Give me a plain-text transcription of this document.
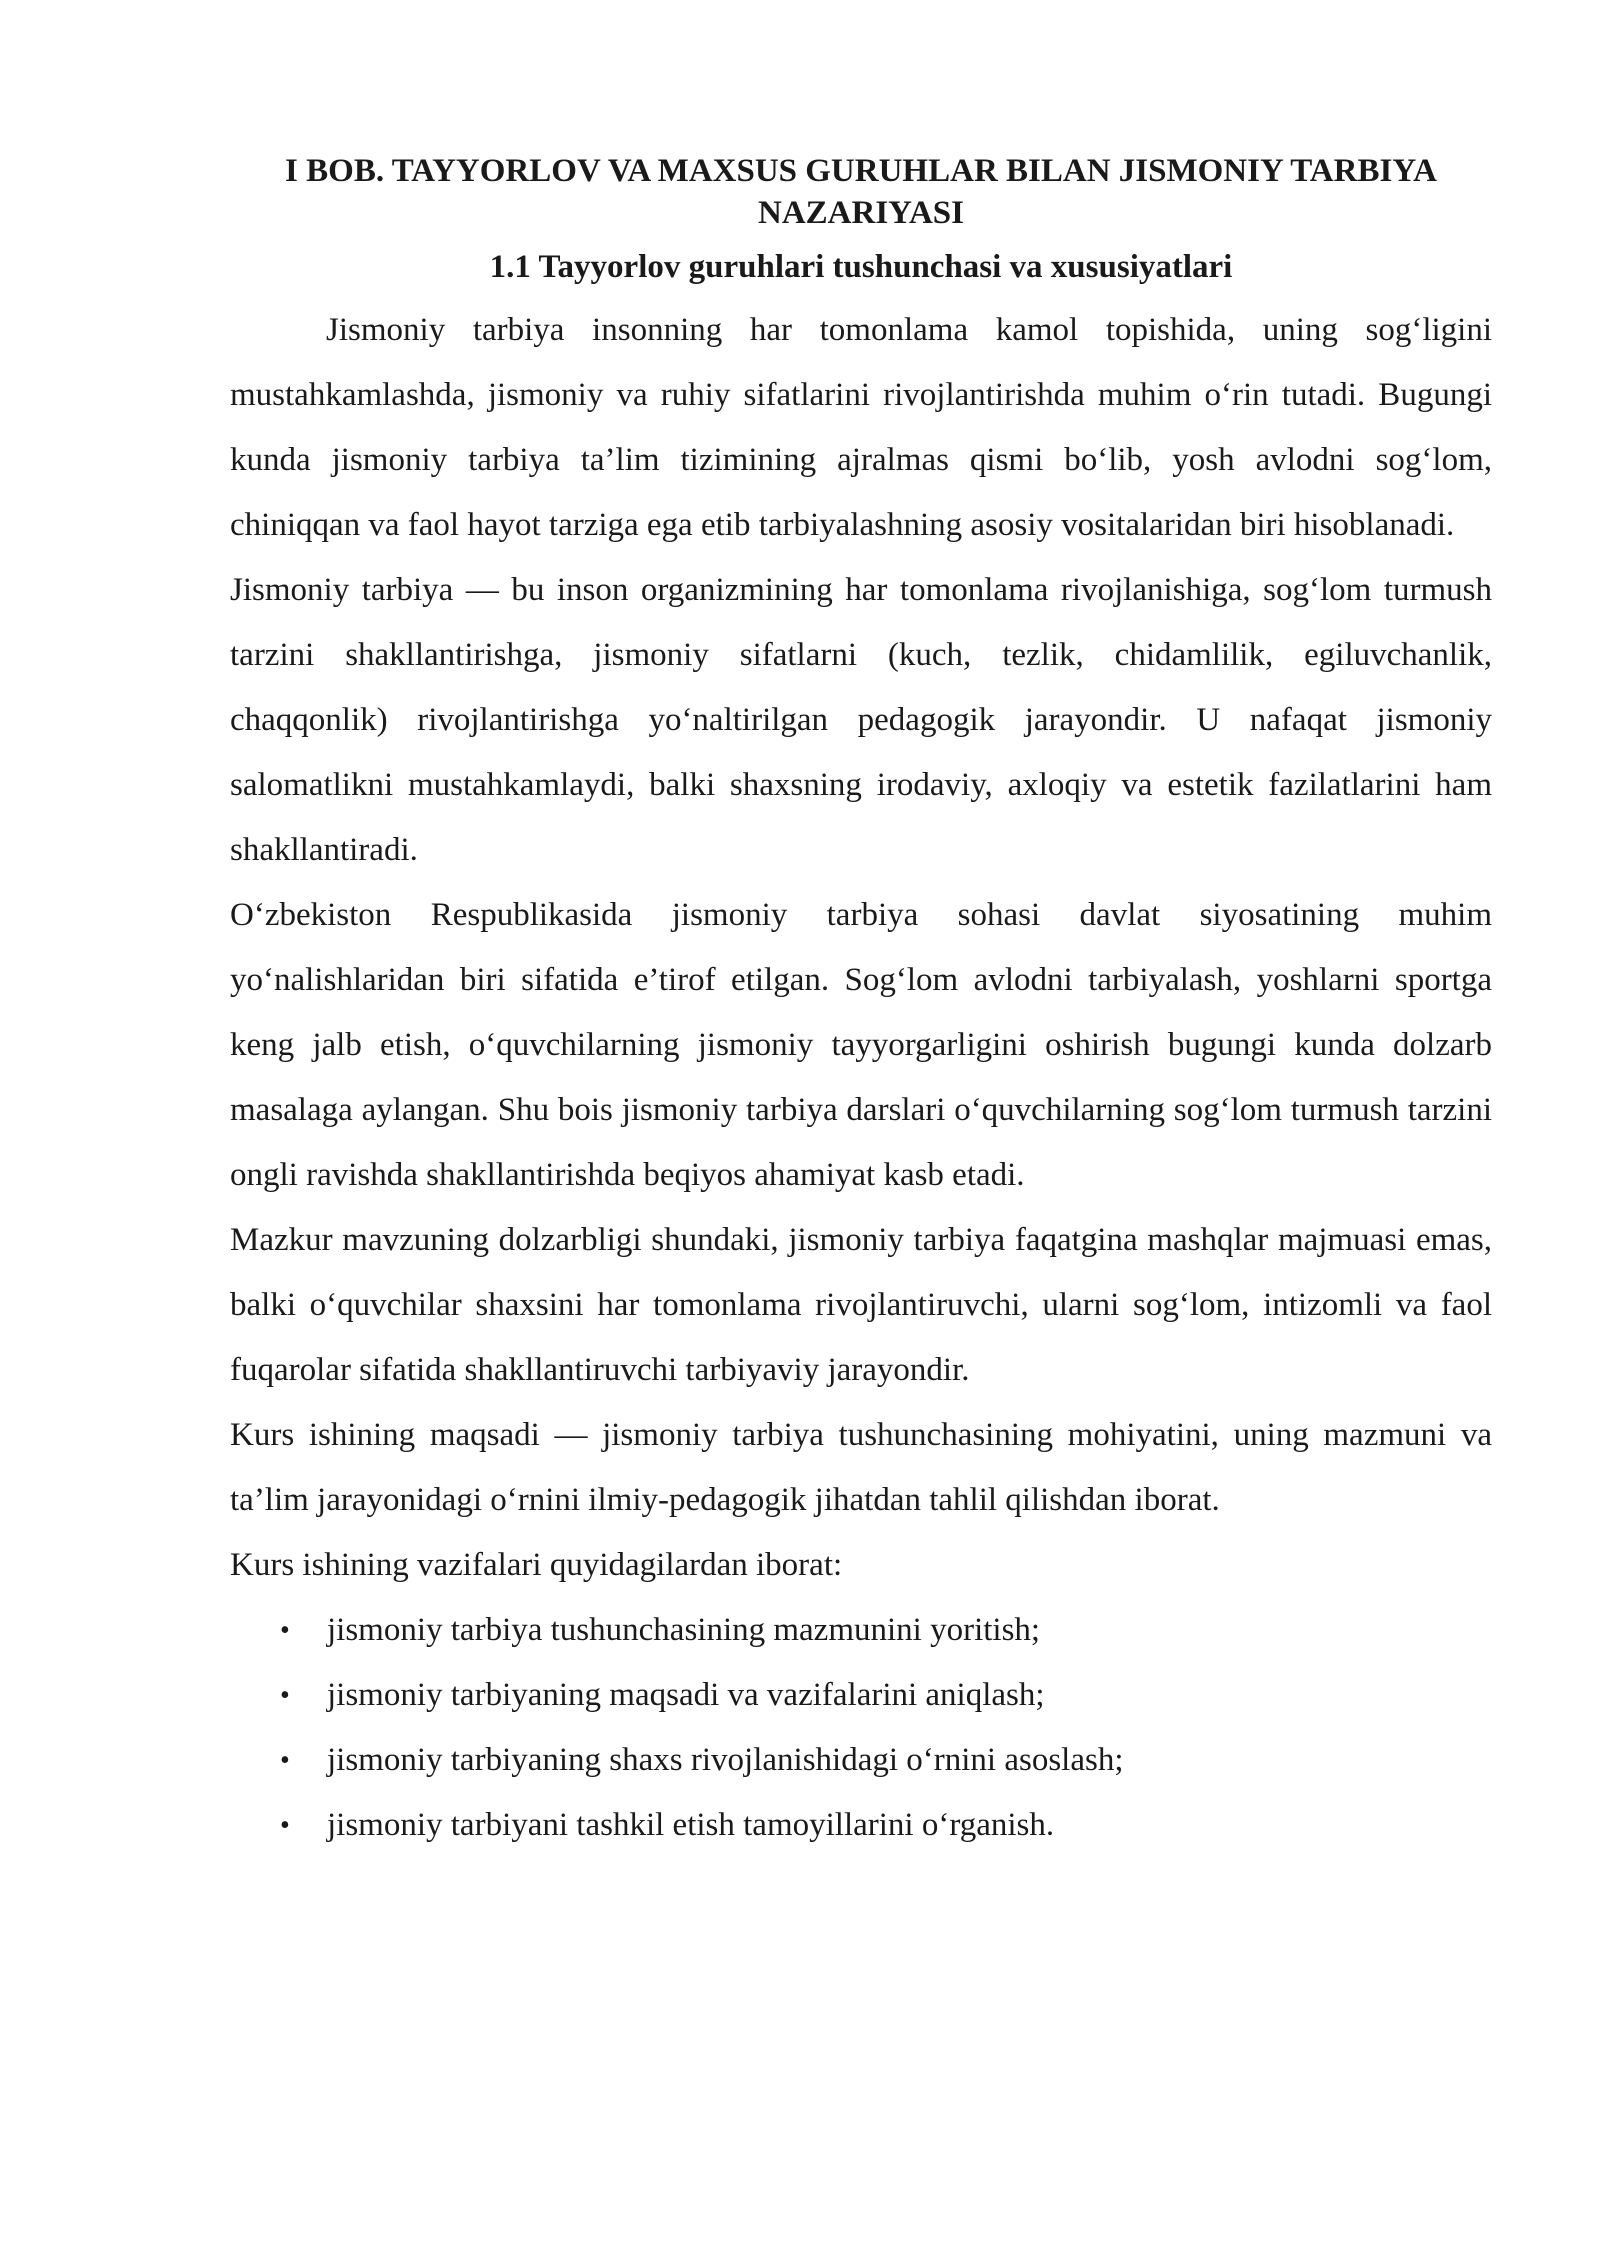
I BOB. TAYYORLOV VA MAXSUS GURUHLAR BILAN JISMONIY TARBIYA NAZARIYASI
1.1 Tayyorlov guruhlari tushunchasi va xususiyatlari

Jismoniy tarbiya insonning har tomonlama kamol topishida, uning sog‘ligini mustahkamlashda, jismoniy va ruhiy sifatlarini rivojlantirishda muhim o‘rin tutadi. Bugungi kunda jismoniy tarbiya ta’lim tizimining ajralmas qismi bo‘lib, yosh avlodni sog‘lom, chiniqqan va faol hayot tarziga ega etib tarbiyalashning asosiy vositalaridan biri hisoblanadi.

Jismoniy tarbiya — bu inson organizmining har tomonlama rivojlanishiga, sog‘lom turmush tarzini shakllantirishga, jismoniy sifatlarni (kuch, tezlik, chidamlilik, egiluvchanlik, chaqqonlik) rivojlantirishga yo‘naltirilgan pedagogik jarayondir. U nafaqat jismoniy salomatlikni mustahkamlaydi, balki shaxsning irodaviy, axloqiy va estetik fazilatlarini ham shakllantiradi.

O‘zbekiston Respublikasida jismoniy tarbiya sohasi davlat siyosatining muhim yo‘nalishlaridan biri sifatida e’tirof etilgan. Sog‘lom avlodni tarbiyalash, yoshlarni sportga keng jalb etish, o‘quvchilarning jismoniy tayyorgarligini oshirish bugungi kunda dolzarb masalaga aylangan. Shu bois jismoniy tarbiya darslari o‘quvchilarning sog‘lom turmush tarzini ongli ravishda shakllantirishda beqiyos ahamiyat kasb etadi.

Mazkur mavzuning dolzarbligi shundaki, jismoniy tarbiya faqatgina mashqlar majmuasi emas, balki o‘quvchilar shaxsini har tomonlama rivojlantiruvchi, ularni sog‘lom, intizomli va faol fuqarolar sifatida shakllantiruvchi tarbiyaviy jarayondir.

Kurs ishining maqsadi — jismoniy tarbiya tushunchasining mohiyatini, uning mazmuni va ta’lim jarayonidagi o‘rnini ilmiy-pedagogik jihatdan tahlil qilishdan iborat.

Kurs ishining vazifalari quyidagilardan iborat:

• jismoniy tarbiya tushunchasining mazmunini yoritish;
• jismoniy tarbiyaning maqsadi va vazifalarini aniqlash;
• jismoniy tarbiyaning shaxs rivojlanishidagi o‘rnini asoslash;
• jismoniy tarbiyani tashkil etish tamoyillarini o‘rganish.
